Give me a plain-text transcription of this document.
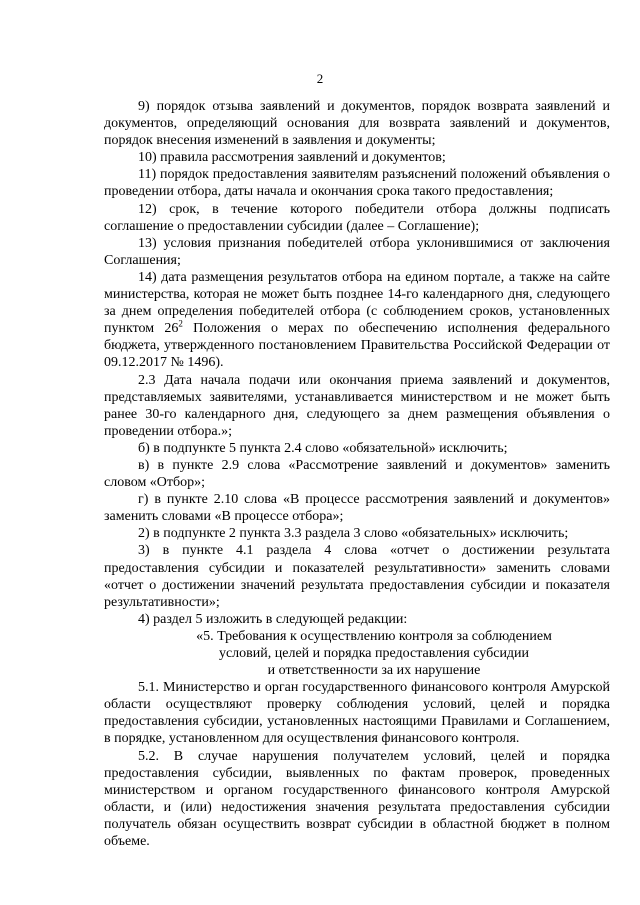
2

9) порядок отзыва заявлений и документов, порядок возврата заявлений и документов, определяющий основания для возврата заявлений и документов, порядок внесения изменений в заявления и документы;

10) правила рассмотрения заявлений и документов;

11) порядок предоставления заявителям разъяснений положений объявления о проведении отбора, даты начала и окончания срока такого предоставления;

12) срок, в течение которого победители отбора должны подписать соглашение о предоставлении субсидии (далее – Соглашение);

13) условия признания победителей отбора уклонившимися от заключения Соглашения;

14) дата размещения результатов отбора на едином портале, а также на сайте министерства, которая не может быть позднее 14-го календарного дня, следующего за днем определения победителей отбора (с соблюдением сроков, установленных пунктом $26^2$ Положения о мерах по обеспечению исполнения федерального бюджета, утвержденного постановлением Правительства Российской Федерации от 09.12.2017 № 1496).

2.3 Дата начала подачи или окончания приема заявлений и документов, представляемых заявителями, устанавливается министерством и не может быть ранее 30-го календарного дня, следующего за днем размещения объявления о проведении отбора.»;

б) в подпункте 5 пункта 2.4 слово «обязательной» исключить;

в) в пункте 2.9 слова «Рассмотрение заявлений и документов» заменить словом «Отбор»;

г) в пункте 2.10 слова «В процессе рассмотрения заявлений и документов» заменить словами «В процессе отбора»;

2) в подпункте 2 пункта 3.3 раздела 3 слово «обязательных» исключить;

3) в пункте 4.1 раздела 4 слова «отчет о достижении результата предоставления субсидии и показателей результативности» заменить словами «отчет о достижении значений результата предоставления субсидии и показателя результативности»;

4) раздел 5 изложить в следующей редакции:

«5. Требования к осуществлению контроля за соблюдением
условий, целей и порядка предоставления субсидии
и ответственности за их нарушение

5.1. Министерство и орган государственного финансового контроля Амурской области осуществляют проверку соблюдения условий, целей и порядка предоставления субсидии, установленных настоящими Правилами и Соглашением, в порядке, установленном для осуществления финансового контроля.

5.2. В случае нарушения получателем условий, целей и порядка предоставления субсидии, выявленных по фактам проверок, проведенных министерством и органом государственного финансового контроля Амурской области, и (или) недостижения значения результата предоставления субсидии получатель обязан осуществить возврат субсидии в областной бюджет в полном объеме.
